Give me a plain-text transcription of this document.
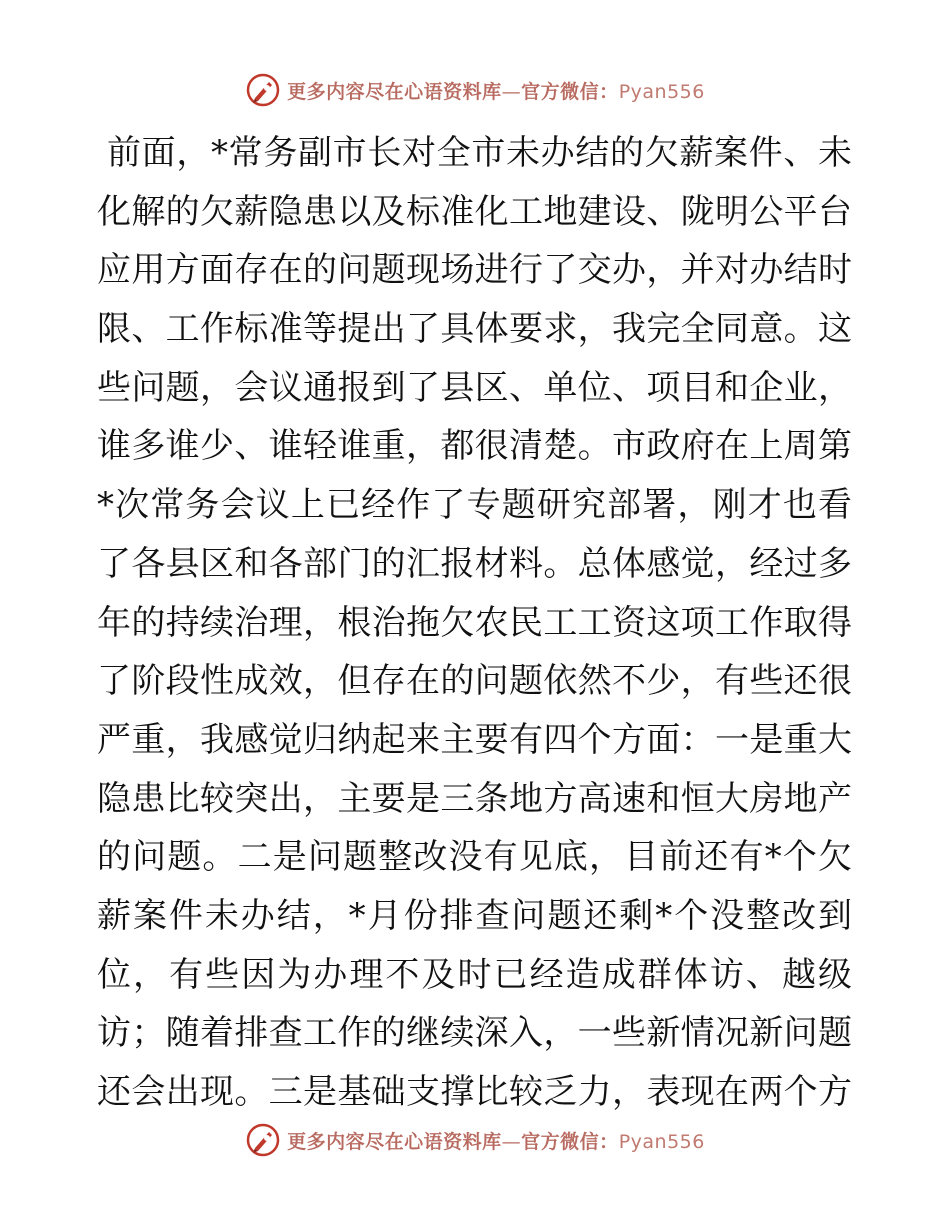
更多内容尽在心语资料库—官方微信：Pyan556
前面，*常务副市长对全市未办结的欠薪案件、未
化解的欠薪隐患以及标准化工地建设、陇明公平台
应用方面存在的问题现场进行了交办，并对办结时
限、工作标准等提出了具体要求，我完全同意。这
些问题，会议通报到了县区、单位、项目和企业，
谁多谁少、谁轻谁重，都很清楚。市政府在上周第
*次常务会议上已经作了专题研究部署，刚才也看
了各县区和各部门的汇报材料。总体感觉，经过多
年的持续治理，根治拖欠农民工工资这项工作取得
了阶段性成效，但存在的问题依然不少，有些还很
严重，我感觉归纳起来主要有四个方面：一是重大
隐患比较突出，主要是三条地方高速和恒大房地产
的问题。二是问题整改没有见底，目前还有*个欠
薪案件未办结，*月份排查问题还剩*个没整改到
位，有些因为办理不及时已经造成群体访、越级
访；随着排查工作的继续深入，一些新情况新问题
还会出现。三是基础支撑比较乏力，表现在两个方
更多内容尽在心语资料库—官方微信：Pyan556
